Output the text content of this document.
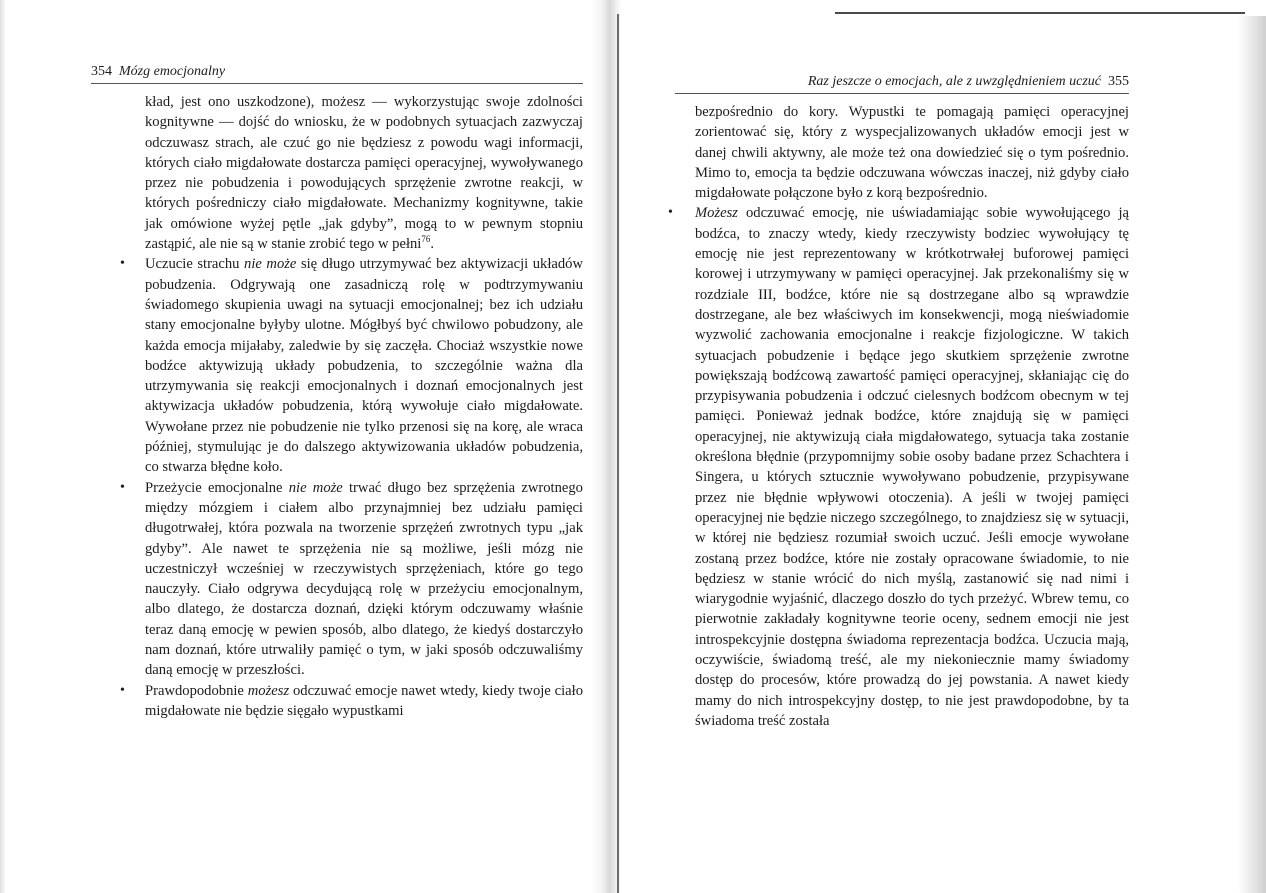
354 Mózg emocjonalny

kład, jest ono uszkodzone), możesz — wykorzystując swoje zdolności kognitywne — dojść do wniosku, że w podobnych sytuacjach zazwyczaj odczuwasz strach, ale czuć go nie będziesz z powodu wagi informacji, których ciało migdałowate dostarcza pamięci operacyjnej, wywoływanego przez nie pobudzenia i powodujących sprzężenie zwrotne reakcji, w których pośredniczy ciało migdałowate. Mechanizmy kognitywne, takie jak omówione wyżej pętle „jak gdyby”, mogą to w pewnym stopniu zastąpić, ale nie są w stanie zrobić tego w pełni$^{76}$.

• Uczucie strachu nie może się długo utrzymywać bez aktywizacji układów pobudzenia. Odgrywają one zasadniczą rolę w podtrzymywaniu świadomego skupienia uwagi na sytuacji emocjonalnej; bez ich udziału stany emocjonalne byłyby ulotne. Mógłbyś być chwilowo pobudzony, ale każda emocja mijałaby, zaledwie by się zaczęła. Chociaż wszystkie nowe bodźce aktywizują układy pobudzenia, to szczególnie ważna dla utrzymywania się reakcji emocjonalnych i doznań emocjonalnych jest aktywizacja układów pobudzenia, którą wywołuje ciało migdałowate. Wywołane przez nie pobudzenie nie tylko przenosi się na korę, ale wraca później, stymulując je do dalszego aktywizowania układów pobudzenia, co stwarza błędne koło.

• Przeżycie emocjonalne nie może trwać długo bez sprzężenia zwrotnego między mózgiem i ciałem albo przynajmniej bez udziału pamięci długotrwałej, która pozwala na tworzenie sprzężeń zwrotnych typu „jak gdyby”. Ale nawet te sprzężenia nie są możliwe, jeśli mózg nie uczestniczył wcześniej w rzeczywistych sprzężeniach, które go tego nauczyły. Ciało odgrywa decydującą rolę w przeżyciu emocjonalnym, albo dlatego, że dostarcza doznań, dzięki którym odczuwamy właśnie teraz daną emocję w pewien sposób, albo dlatego, że kiedyś dostarczyło nam doznań, które utrwaliły pamięć o tym, w jaki sposób odczuwaliśmy daną emocję w przeszłości.

• Prawdopodobnie możesz odczuwać emocje nawet wtedy, kiedy twoje ciało migdałowate nie będzie sięgało wypustkami

Raz jeszcze o emocjach, ale z uwzględnieniem uczuć 355

bezpośrednio do kory. Wypustki te pomagają pamięci operacyjnej zorientować się, który z wyspecjalizowanych układów emocji jest w danej chwili aktywny, ale może też ona dowiedzieć się o tym pośrednio. Mimo to, emocja ta będzie odczuwana wówczas inaczej, niż gdyby ciało migdałowate połączone było z korą bezpośrednio.

• Możesz odczuwać emocję, nie uświadamiając sobie wywołującego ją bodźca, to znaczy wtedy, kiedy rzeczywisty bodziec wywołujący tę emocję nie jest reprezentowany w krótkotrwałej buforowej pamięci korowej i utrzymywany w pamięci operacyjnej. Jak przekonaliśmy się w rozdziale III, bodźce, które nie są dostrzegane albo są wprawdzie dostrzegane, ale bez właściwych im konsekwencji, mogą nieświadomie wyzwolić zachowania emocjonalne i reakcje fizjologiczne. W takich sytuacjach pobudzenie i będące jego skutkiem sprzężenie zwrotne powiększają bodźcową zawartość pamięci operacyjnej, skłaniając cię do przypisywania pobudzenia i odczuć cielesnych bodźcom obecnym w tej pamięci. Ponieważ jednak bodźce, które znajdują się w pamięci operacyjnej, nie aktywizują ciała migdałowatego, sytuacja taka zostanie określona błędnie (przypomnijmy sobie osoby badane przez Schachtera i Singera, u których sztucznie wywoływano pobudzenie, przypisywane przez nie błędnie wpływowi otoczenia). A jeśli w twojej pamięci operacyjnej nie będzie niczego szczególnego, to znajdziesz się w sytuacji, w której nie będziesz rozumiał swoich uczuć. Jeśli emocje wywołane zostaną przez bodźce, które nie zostały opracowane świadomie, to nie będziesz w stanie wrócić do nich myślą, zastanowić się nad nimi i wiarygodnie wyjaśnić, dlaczego doszło do tych przeżyć. Wbrew temu, co pierwotnie zakładały kognitywne teorie oceny, sednem emocji nie jest introspekcyjnie dostępna świadoma reprezentacja bodźca. Uczucia mają, oczywiście, świadomą treść, ale my niekoniecznie mamy świadomy dostęp do procesów, które prowadzą do jej powstania. A nawet kiedy mamy do nich introspekcyjny dostęp, to nie jest prawdopodobne, by ta świadoma treść została
